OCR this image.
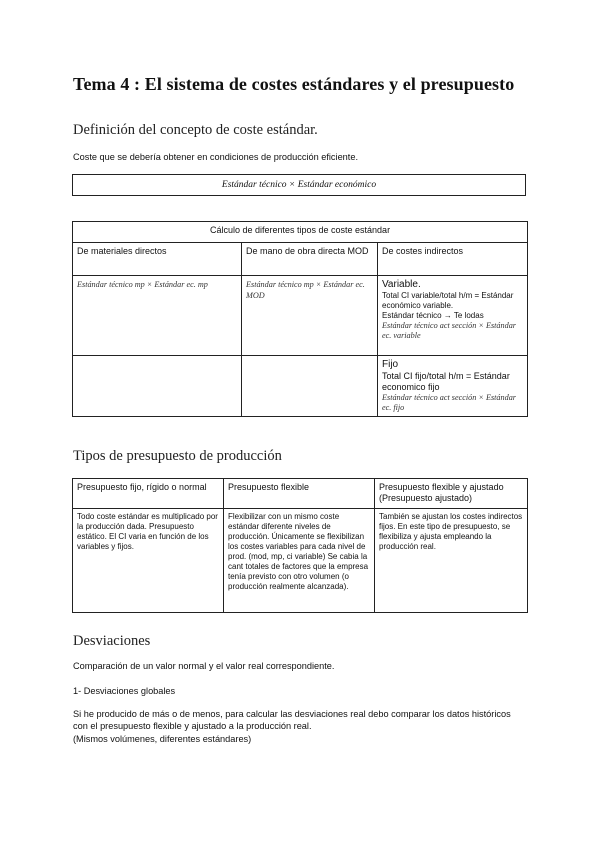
Tema 4 : El sistema de costes estándares y el presupuesto
Definición del concepto de coste estándar.

Coste que se debería obtener en condiciones de producción eficiente.

Estándar técnico × Estándar económico
Cálculo de diferentes tipos de coste estándar		
De materiales directos	De mano de obra directa MOD	De costes indirectos
Estándar técnico mp × Estándar ec. mp	Estándar técnico mp × Estándar ec. MOD	Variable.
Total CI variable/total h/m = Estándar económico variable.
Estándar técnico → Te lodas
Estándar técnico act sección × Estándar ec. variable

		Fijo
Total CI fijo/total h/m = Estándar economico fijo
Estándar técnico act sección × Estándar ec. fijo
Tipos de presupuesto de producción
Presupuesto fijo, rígido o normal	Presupuesto flexible	Presupuesto flexible y ajustado (Presupuesto ajustado)
Todo coste estándar es multiplicado por la producción dada. Presupuesto estático. El CI varia en función de los variables y fijos.	Flexibilizar con un mismo coste estándar diferente niveles de producción. Únicamente se flexibilizan los costes variables para cada nivel de prod. (mod, mp, ci variable) Se cabia la cant totales de factores que la empresa tenía previsto con otro volumen (o producción realmente alcanzada).	También se ajustan los costes indirectos fijos. En este tipo de presupuesto, se flexibiliza y ajusta empleando la producción real.
Desviaciones

Comparación de un valor normal y el valor real correspondiente.

1- Desviaciones globales

Si he producido de más o de menos, para calcular las desviaciones real debo comparar los datos históricos con el presupuesto flexible y ajustado a la producción real.

(Mismos volúmenes, diferentes estándares)
